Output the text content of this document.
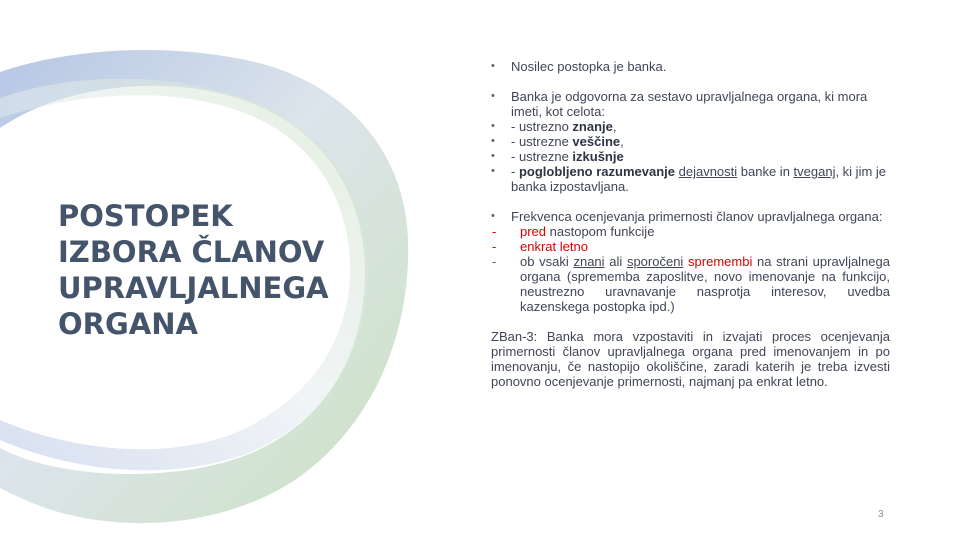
POSTOPEK
IZBORA ČLANOV
UPRAVLJALNEGA
ORGANA
• Nosilec postopka je banka.
• Banka je odgovorna za sestavo upravljalnega organa, ki mora imeti, kot celota:
• - ustrezno znanje,
• - ustrezne veščine,
• - ustrezne izkušnje
• - poglobljeno razumevanje dejavnosti banke in tveganj, ki jim je banka izpostavljana.
• Frekvenca ocenjevanja primernosti članov upravljalnega organa:
- pred nastopom funkcije
- enkrat letno
- ob vsaki znani ali sporočeni spremembi na strani upravljalnega organa (sprememba zaposlitve, novo imenovanje na funkcijo, neustrezno uravnavanje nasprotja interesov, uvedba kazenskega postopka ipd.)
ZBan-3: Banka mora vzpostaviti in izvajati proces ocenjevanja primernosti članov upravljalnega organa pred imenovanjem in po imenovanju, če nastopijo okoliščine, zaradi katerih je treba izvesti ponovno ocenjevanje primernosti, najmanj pa enkrat letno.
3
